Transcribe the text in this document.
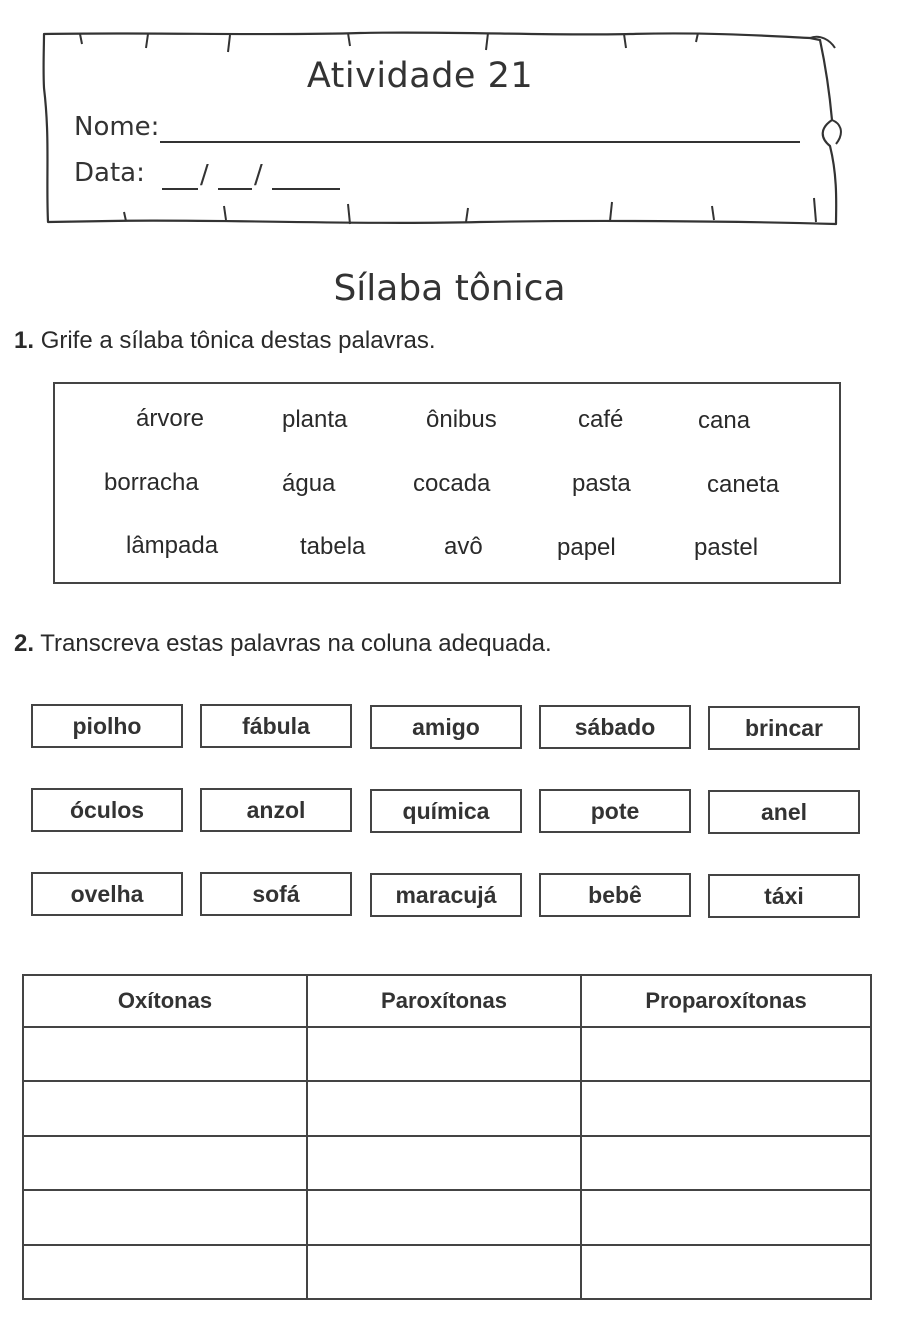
Atividade 21
Nome:
Data: / /
Sílaba tônica
1. Grife a sílaba tônica destas palavras.
árvore	planta	ônibus	café	cana
borracha	água	cocada	pasta	caneta
lâmpada	tabela	avô	papel	pastel
2. Transcreva estas palavras na coluna adequada.
piolho	fábula	amigo	sábado	brincar
óculos	anzol	química	pote	anel
ovelha	sofá	maracujá	bebê	táxi
Oxítonas	Paroxítonas	Proparoxítonas
